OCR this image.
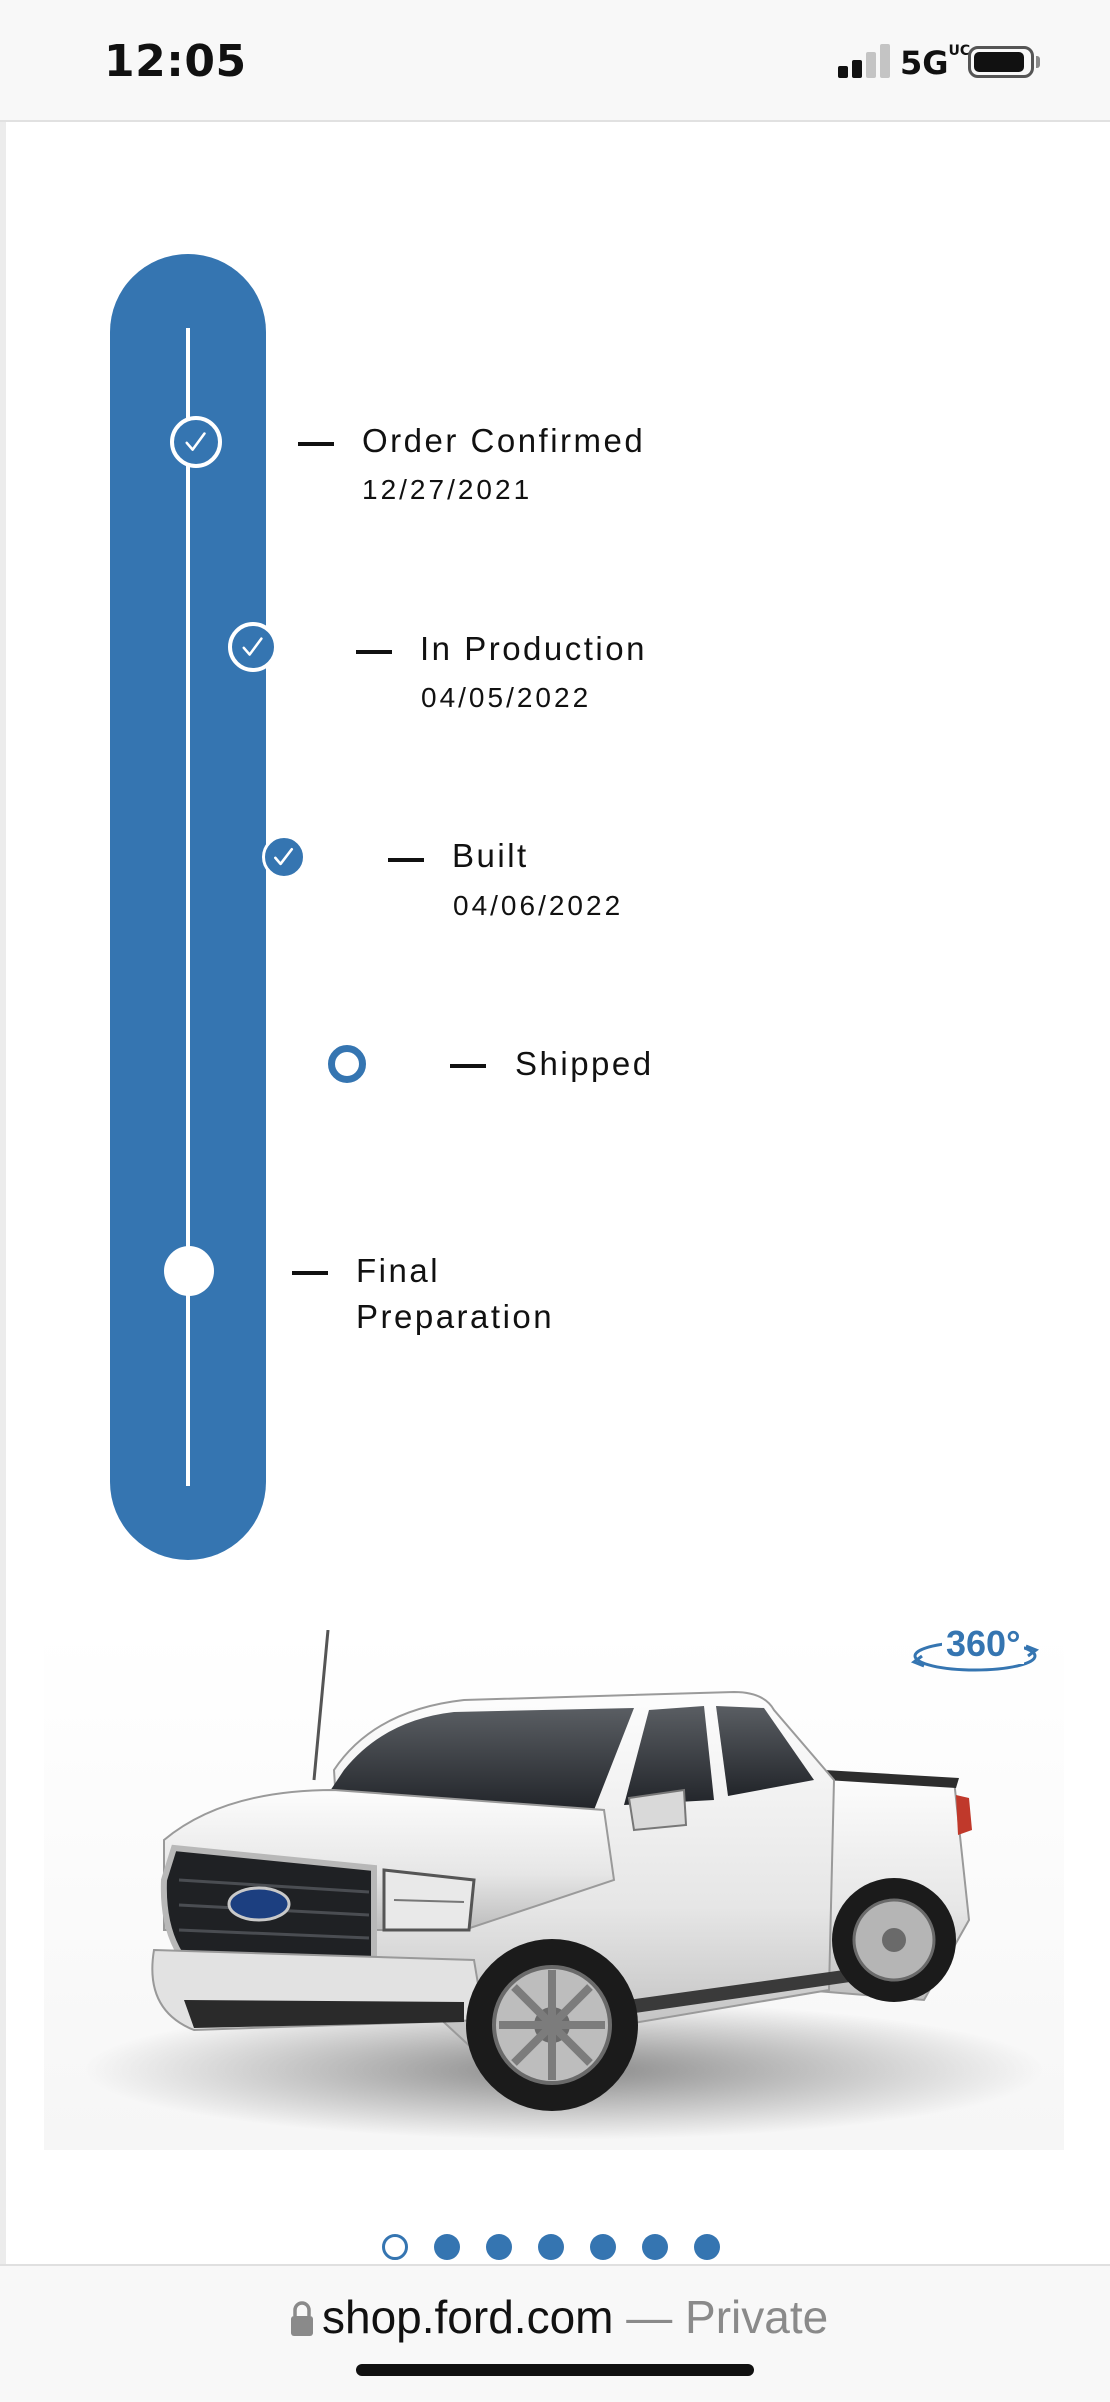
12:05	5GUC
Order Confirmed
12/27/2021
In Production
04/05/2022
Built
04/06/2022
Shipped
Final
Preparation
360°
shop.ford.com — Private
